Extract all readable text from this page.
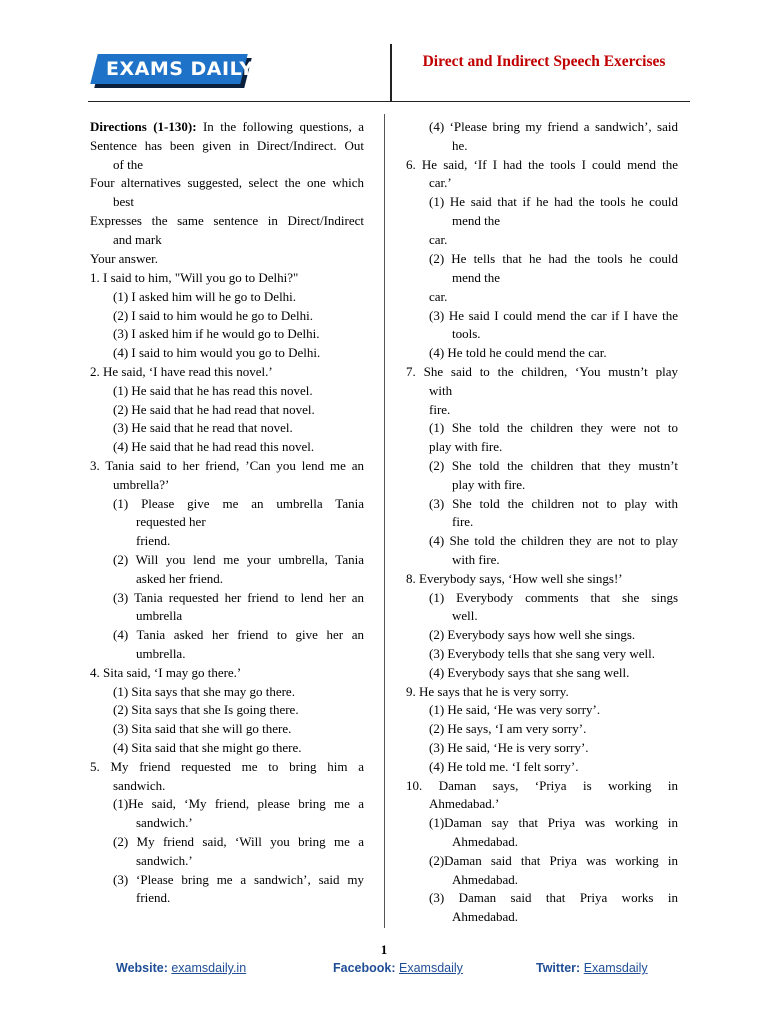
EXAMS DAILY	Direct and Indirect Speech Exercises
Directions (1-130): In the following questions, a
Sentence has been given in Direct/Indirect. Out
of the
Four alternatives suggested, select the one which
best
Expresses the same sentence in Direct/Indirect
and mark
Your answer.
1. I said to him, "Will you go to Delhi?"
(1) I asked him will he go to Delhi.
(2) I said to him would he go to Delhi.
(3) I asked him if he would go to Delhi.
(4) I said to him would you go to Delhi.
2. He said, ‘I have read this novel.’
(1) He said that he has read this novel.
(2) He said that he had read that novel.
(3) He said that he read that novel.
(4) He said that he had read this novel.
3. Tania said to her friend, ’Can you lend me an
umbrella?’
(1) Please give me an umbrella Tania
requested her
friend.
(2) Will you lend me your umbrella, Tania
asked her friend.
(3) Tania requested her friend to lend her an
umbrella
(4) Tania asked her friend to give her an
umbrella.
4. Sita said, ‘I may go there.’
(1) Sita says that she may go there.
(2) Sita says that she Is going there.
(3) Sita said that she will go there.
(4) Sita said that she might go there.
5. My friend requested me to bring him a
sandwich.
(1)He said, ‘My friend, please bring me a
sandwich.’
(2) My friend said, ‘Will you bring me a
sandwich.’
(3) ‘Please bring me a sandwich’, said my
friend.
(4) ‘Please bring my friend a sandwich’, said
he.
6. He said, ‘If I had the tools I could mend the
car.’
(1) He said that if he had the tools he could
mend the
car.
(2) He tells that he had the tools he could
mend the
car.
(3) He said I could mend the car if I have the
tools.
(4) He told he could mend the car.
7. She said to the children, ‘You mustn’t play
with
fire.
(1) She told the children they were not to
play with fire.
(2) She told the children that they mustn’t
play with fire.
(3) She told the children not to play with
fire.
(4) She told the children they are not to play
with fire.
8. Everybody says, ‘How well she sings!’
(1) Everybody comments that she sings
well.
(2) Everybody says how well she sings.
(3) Everybody tells that she sang very well.
(4) Everybody says that she sang well.
9. He says that he is very sorry.
(1) He said, ‘He was very sorry’.
(2) He says, ‘I am very sorry’.
(3) He said, ‘He is very sorry’.
(4) He told me. ‘I felt sorry’.
10. Daman says, ‘Priya is working in
Ahmedabad.’
(1)Daman say that Priya was working in
Ahmedabad.
(2)Daman said that Priya was working in
Ahmedabad.
(3) Daman said that Priya works in
Ahmedabad.
1
Website: examsdaily.in	Facebook: Examsdaily	Twitter: Examsdaily
